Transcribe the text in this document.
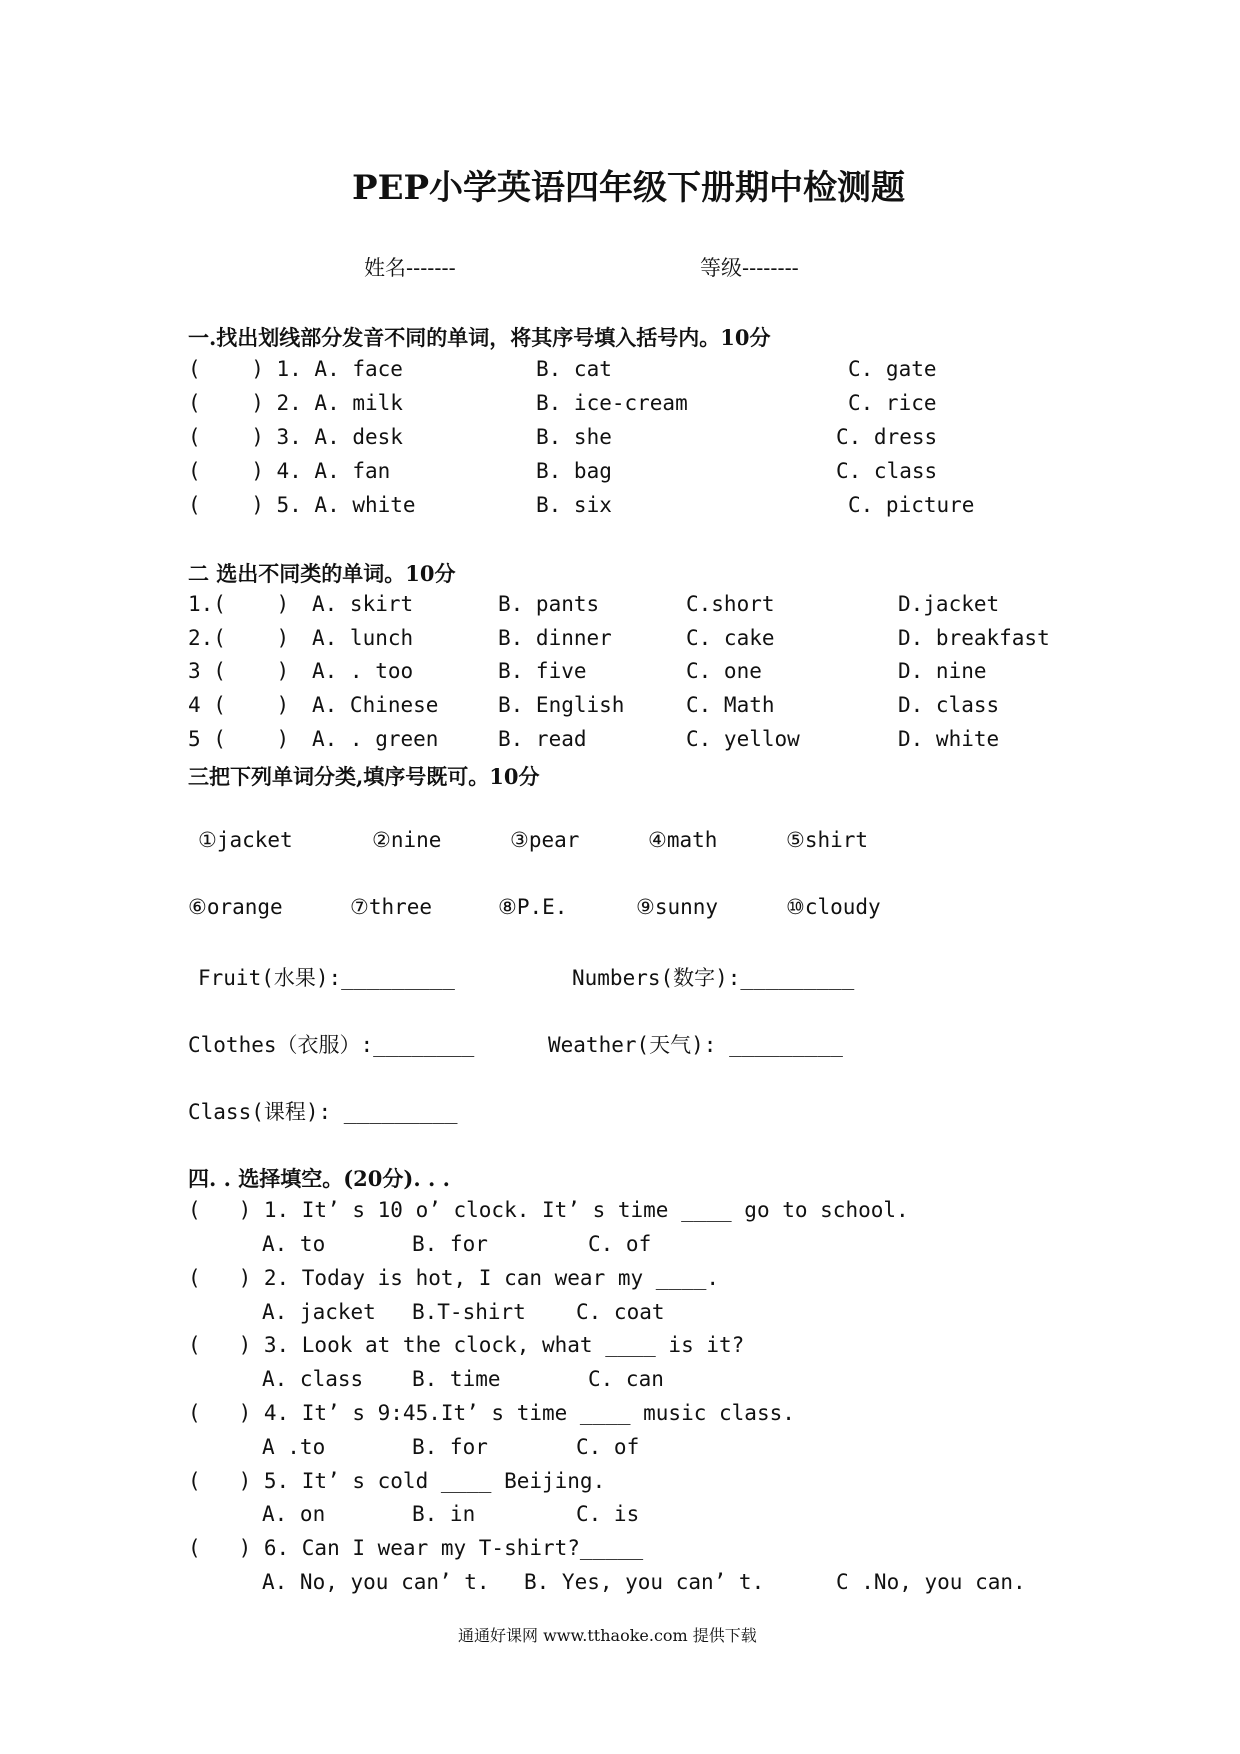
PEP小学英语四年级下册期中检测题
姓名-------	等级--------
一.找出划线部分发音不同的单词，将其序号填入括号内。10分
(    ) 1. A. face	B. cat	C. gate
(    ) 2. A. milk	B. ice-cream	C. rice
(    ) 3. A. desk	B. she	C. dress
(    ) 4. A. fan	B. bag	C. class
(    ) 5. A. white	B. six	C. picture
二 选出不同类的单词。10分
1.(    ) A. skirt	B. pants	C.short	D.jacket
2.(    ) A. lunch	B. dinner	C. cake	D. breakfast
3 (    ) A. . too	B. five	C. one	D. nine
4 (    ) A. Chinese	B. English	C. Math	D. class
5 (    ) A. . green	B. read	C. yellow	D. white
三把下列单词分类,填序号既可。10分
①jacket	②nine	③pear	④math	⑤shirt
⑥orange	⑦three	⑧P.E.	⑨sunny	⑩cloudy
Fruit(水果):_________	Numbers(数字):_________
Clothes（衣服）:________	Weather(天气): _________
Class(课程): _________
四. . 选择填空。(20分). . .
(   ) 1. It’ s 10 o’ clock. It’ s time ____ go to school.
A. to	B. for	C. of
(   ) 2. Today is hot, I can wear my ____.
A. jacket B.T-shirt C. coat
(   ) 3. Look at the clock, what ____ is it?
A. class B. time	C. can
(   ) 4. It’ s 9:45.It’ s time ____ music class.
A .to	B. for	C. of
(   ) 5. It’ s cold ____ Beijing.
A. on	B. in	C. is
(   ) 6. Can I wear my T-shirt?_____
A. No, you can’ t. B. Yes, you can’ t.	C .No, you can.
通通好课网 www.tthaoke.com 提供下载
